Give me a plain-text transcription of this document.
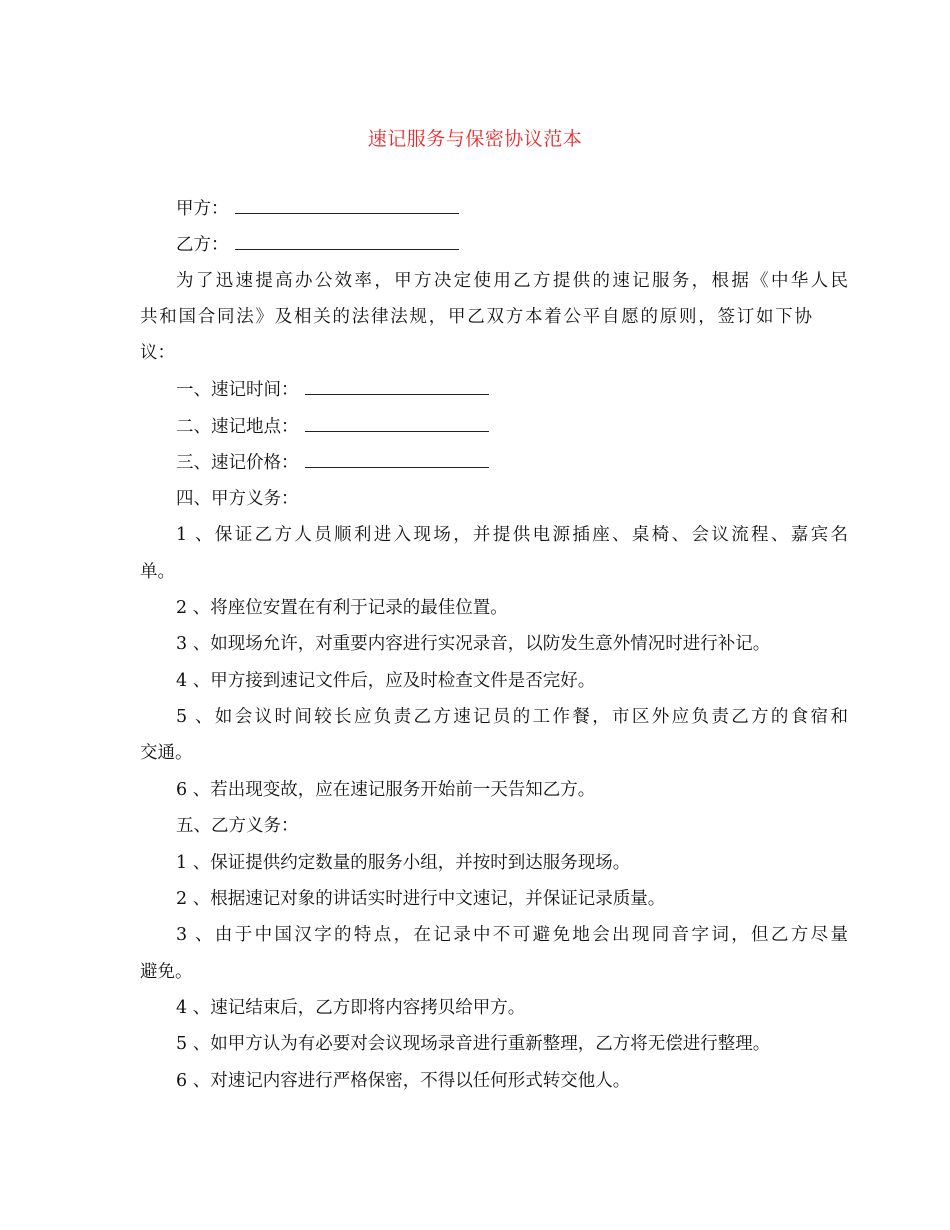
速记服务与保密协议范本
甲方：
乙方：
为了迅速提高办公效率，甲方决定使用乙方提供的速记服务，根据《中华人民
共和国合同法》及相关的法律法规，甲乙双方本着公平自愿的原则，签订如下协
议：
一、速记时间：
二、速记地点：
三、速记价格：
四、甲方义务：
1 、保证乙方人员顺利进入现场，并提供电源插座、桌椅、会议流程、嘉宾名
单。
2 、将座位安置在有利于记录的最佳位置。
3 、如现场允许，对重要内容进行实况录音，以防发生意外情况时进行补记。
4 、甲方接到速记文件后，应及时检查文件是否完好。
5 、如会议时间较长应负责乙方速记员的工作餐，市区外应负责乙方的食宿和
交通。
6 、若出现变故，应在速记服务开始前一天告知乙方。
五、乙方义务：
1 、保证提供约定数量的服务小组，并按时到达服务现场。
2 、根据速记对象的讲话实时进行中文速记，并保证记录质量。
3 、由于中国汉字的特点，在记录中不可避免地会出现同音字词，但乙方尽量
避免。
4 、速记结束后，乙方即将内容拷贝给甲方。
5 、如甲方认为有必要对会议现场录音进行重新整理，乙方将无偿进行整理。
6 、对速记内容进行严格保密，不得以任何形式转交他人。
